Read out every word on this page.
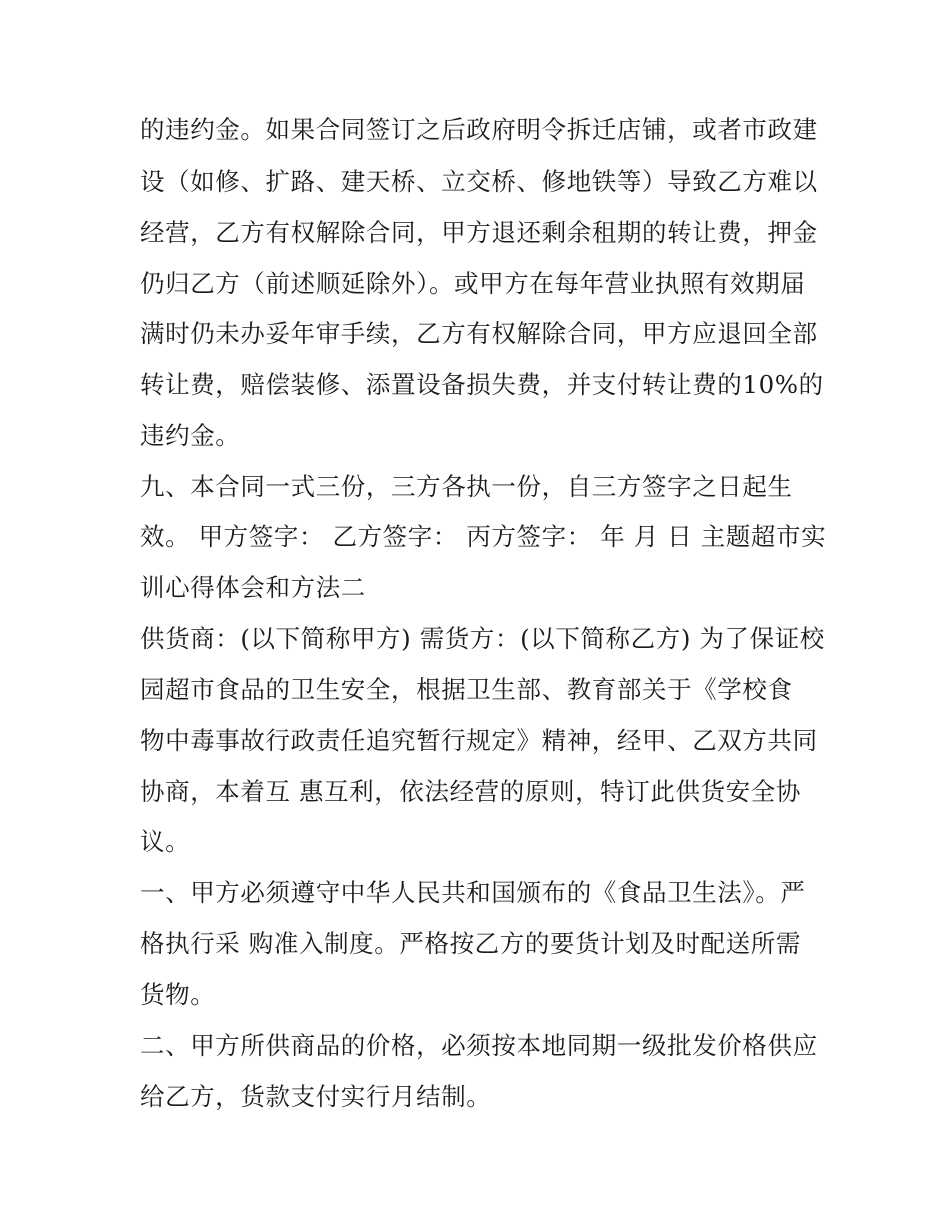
的违约金。如果合同签订之后政府明令拆迁店铺，或者市政建
设（如修、扩路、建天桥、立交桥、修地铁等）导致乙方难以
经营，乙方有权解除合同，甲方退还剩余租期的转让费，押金
仍归乙方（前述顺延除外）。或甲方在每年营业执照有效期届
满时仍未办妥年审手续，乙方有权解除合同，甲方应退回全部
转让费，赔偿装修、添置设备损失费，并支付转让费的10%的
违约金。
九、本合同一式三份，三方各执一份，自三方签字之日起生
效。 甲方签字： 乙方签字： 丙方签字： 年 月 日 主题超市实
训心得体会和方法二
供货商：(以下简称甲方) 需货方：(以下简称乙方) 为了保证校
园超市食品的卫生安全，根据卫生部、教育部关于《学校食
物中毒事故行政责任追究暂行规定》精神，经甲、乙双方共同
协商，本着互 惠互利，依法经营的原则，特订此供货安全协
议。
一、甲方必须遵守中华人民共和国颁布的《食品卫生法》。严
格执行采 购准入制度。严格按乙方的要货计划及时配送所需
货物。
二、甲方所供商品的价格，必须按本地同期一级批发价格供应
给乙方，货款支付实行月结制。
